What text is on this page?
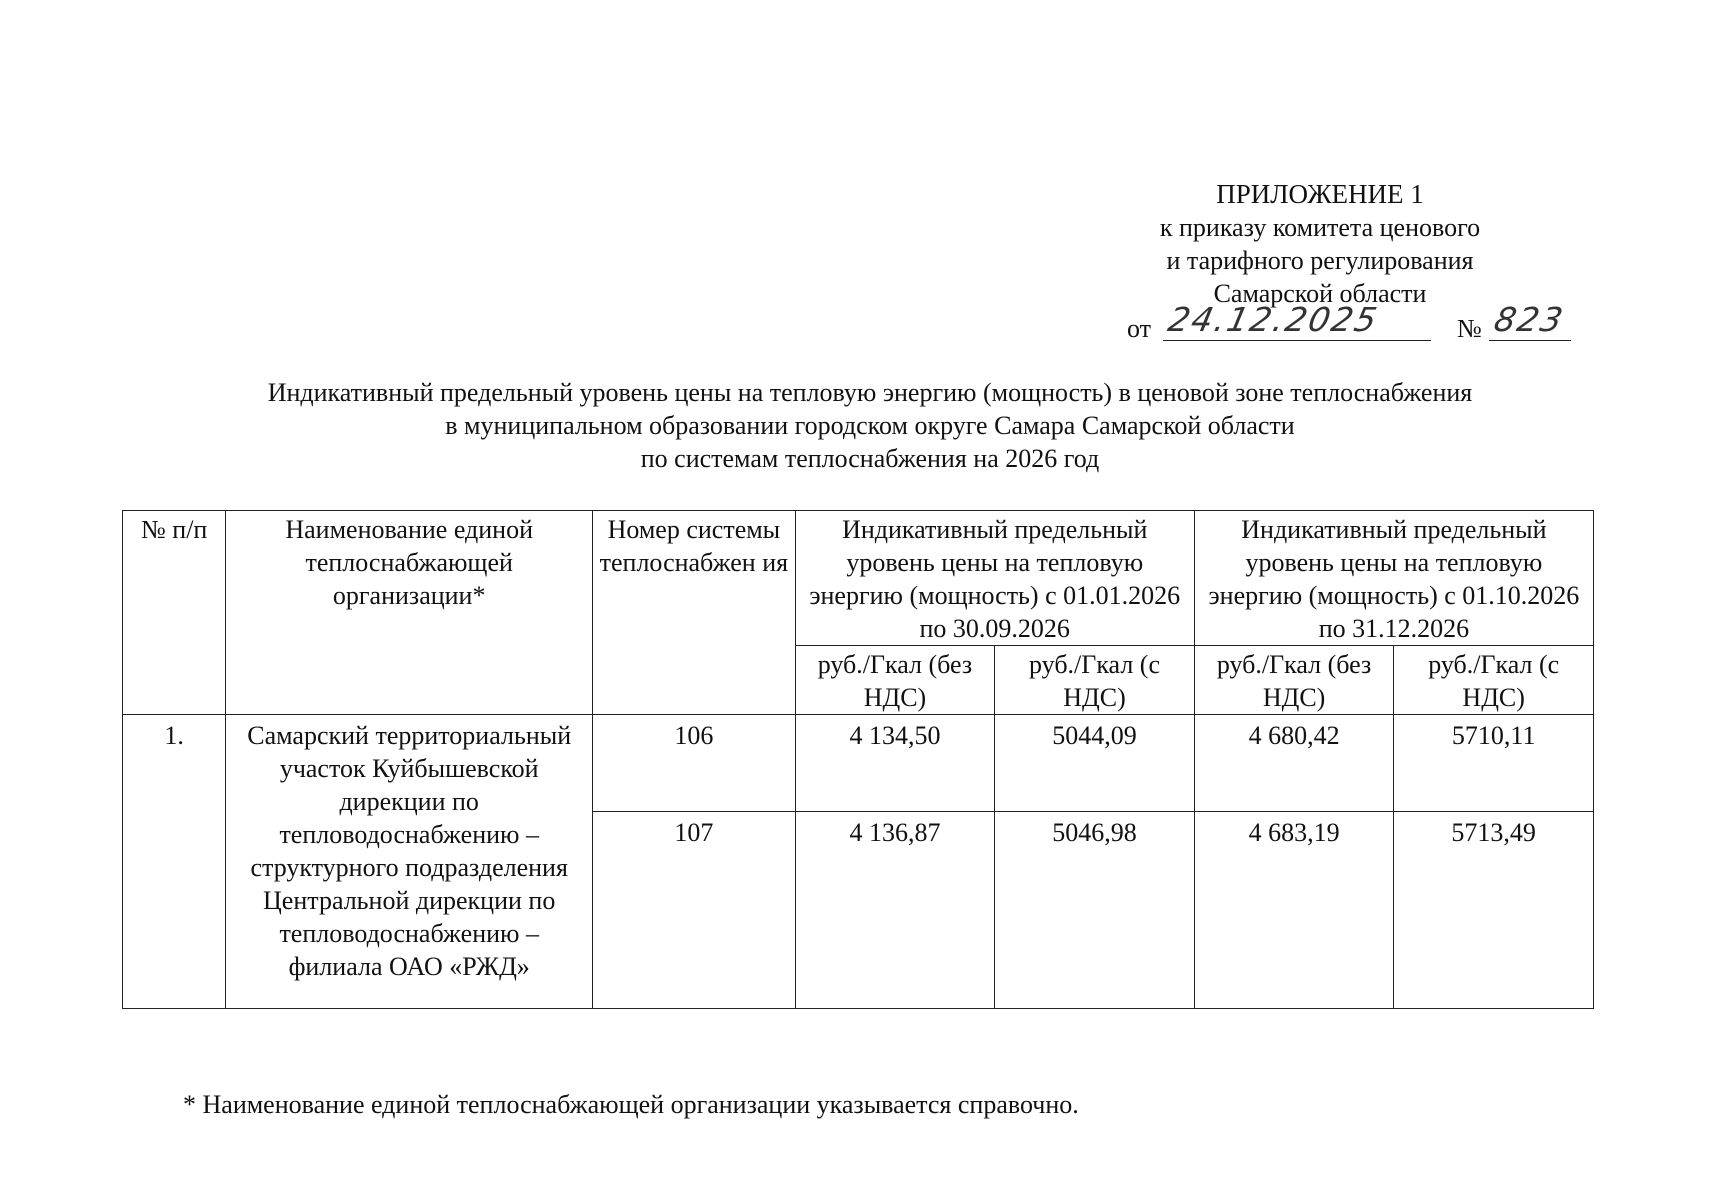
ПРИЛОЖЕНИЕ 1
к приказу комитета ценового
и тарифного регулирования
Самарской области
от 24.12.2025	№ 823
Индикативный предельный уровень цены на тепловую энергию (мощность) в ценовой зоне теплоснабжения
в муниципальном образовании городском округе Самара Самарской области
по системам теплоснабжения на 2026 год
№ п/п	Наименование единой теплоснабжающей организации*	Номер системы теплоснабжен ия	Индикативный предельный уровень цены на тепловую энергию (мощность) с 01.01.2026 по 30.09.2026		Индикативный предельный уровень цены на тепловую энергию (мощность) с 01.10.2026 по 31.12.2026	
			руб./Гкал (без НДС)	руб./Гкал (с НДС)	руб./Гкал (без НДС)	руб./Гкал (с НДС)
1.	Самарский территориальный участок Куйбышевской дирекции по тепловодоснабжению – структурного подразделения Центральной дирекции по тепловодоснабжению – филиала ОАО «РЖД»	106	4 134,50	5044,09	4 680,42	5710,11
		107	4 136,87	5046,98	4 683,19	5713,49
* Наименование единой теплоснабжающей организации указывается справочно.
